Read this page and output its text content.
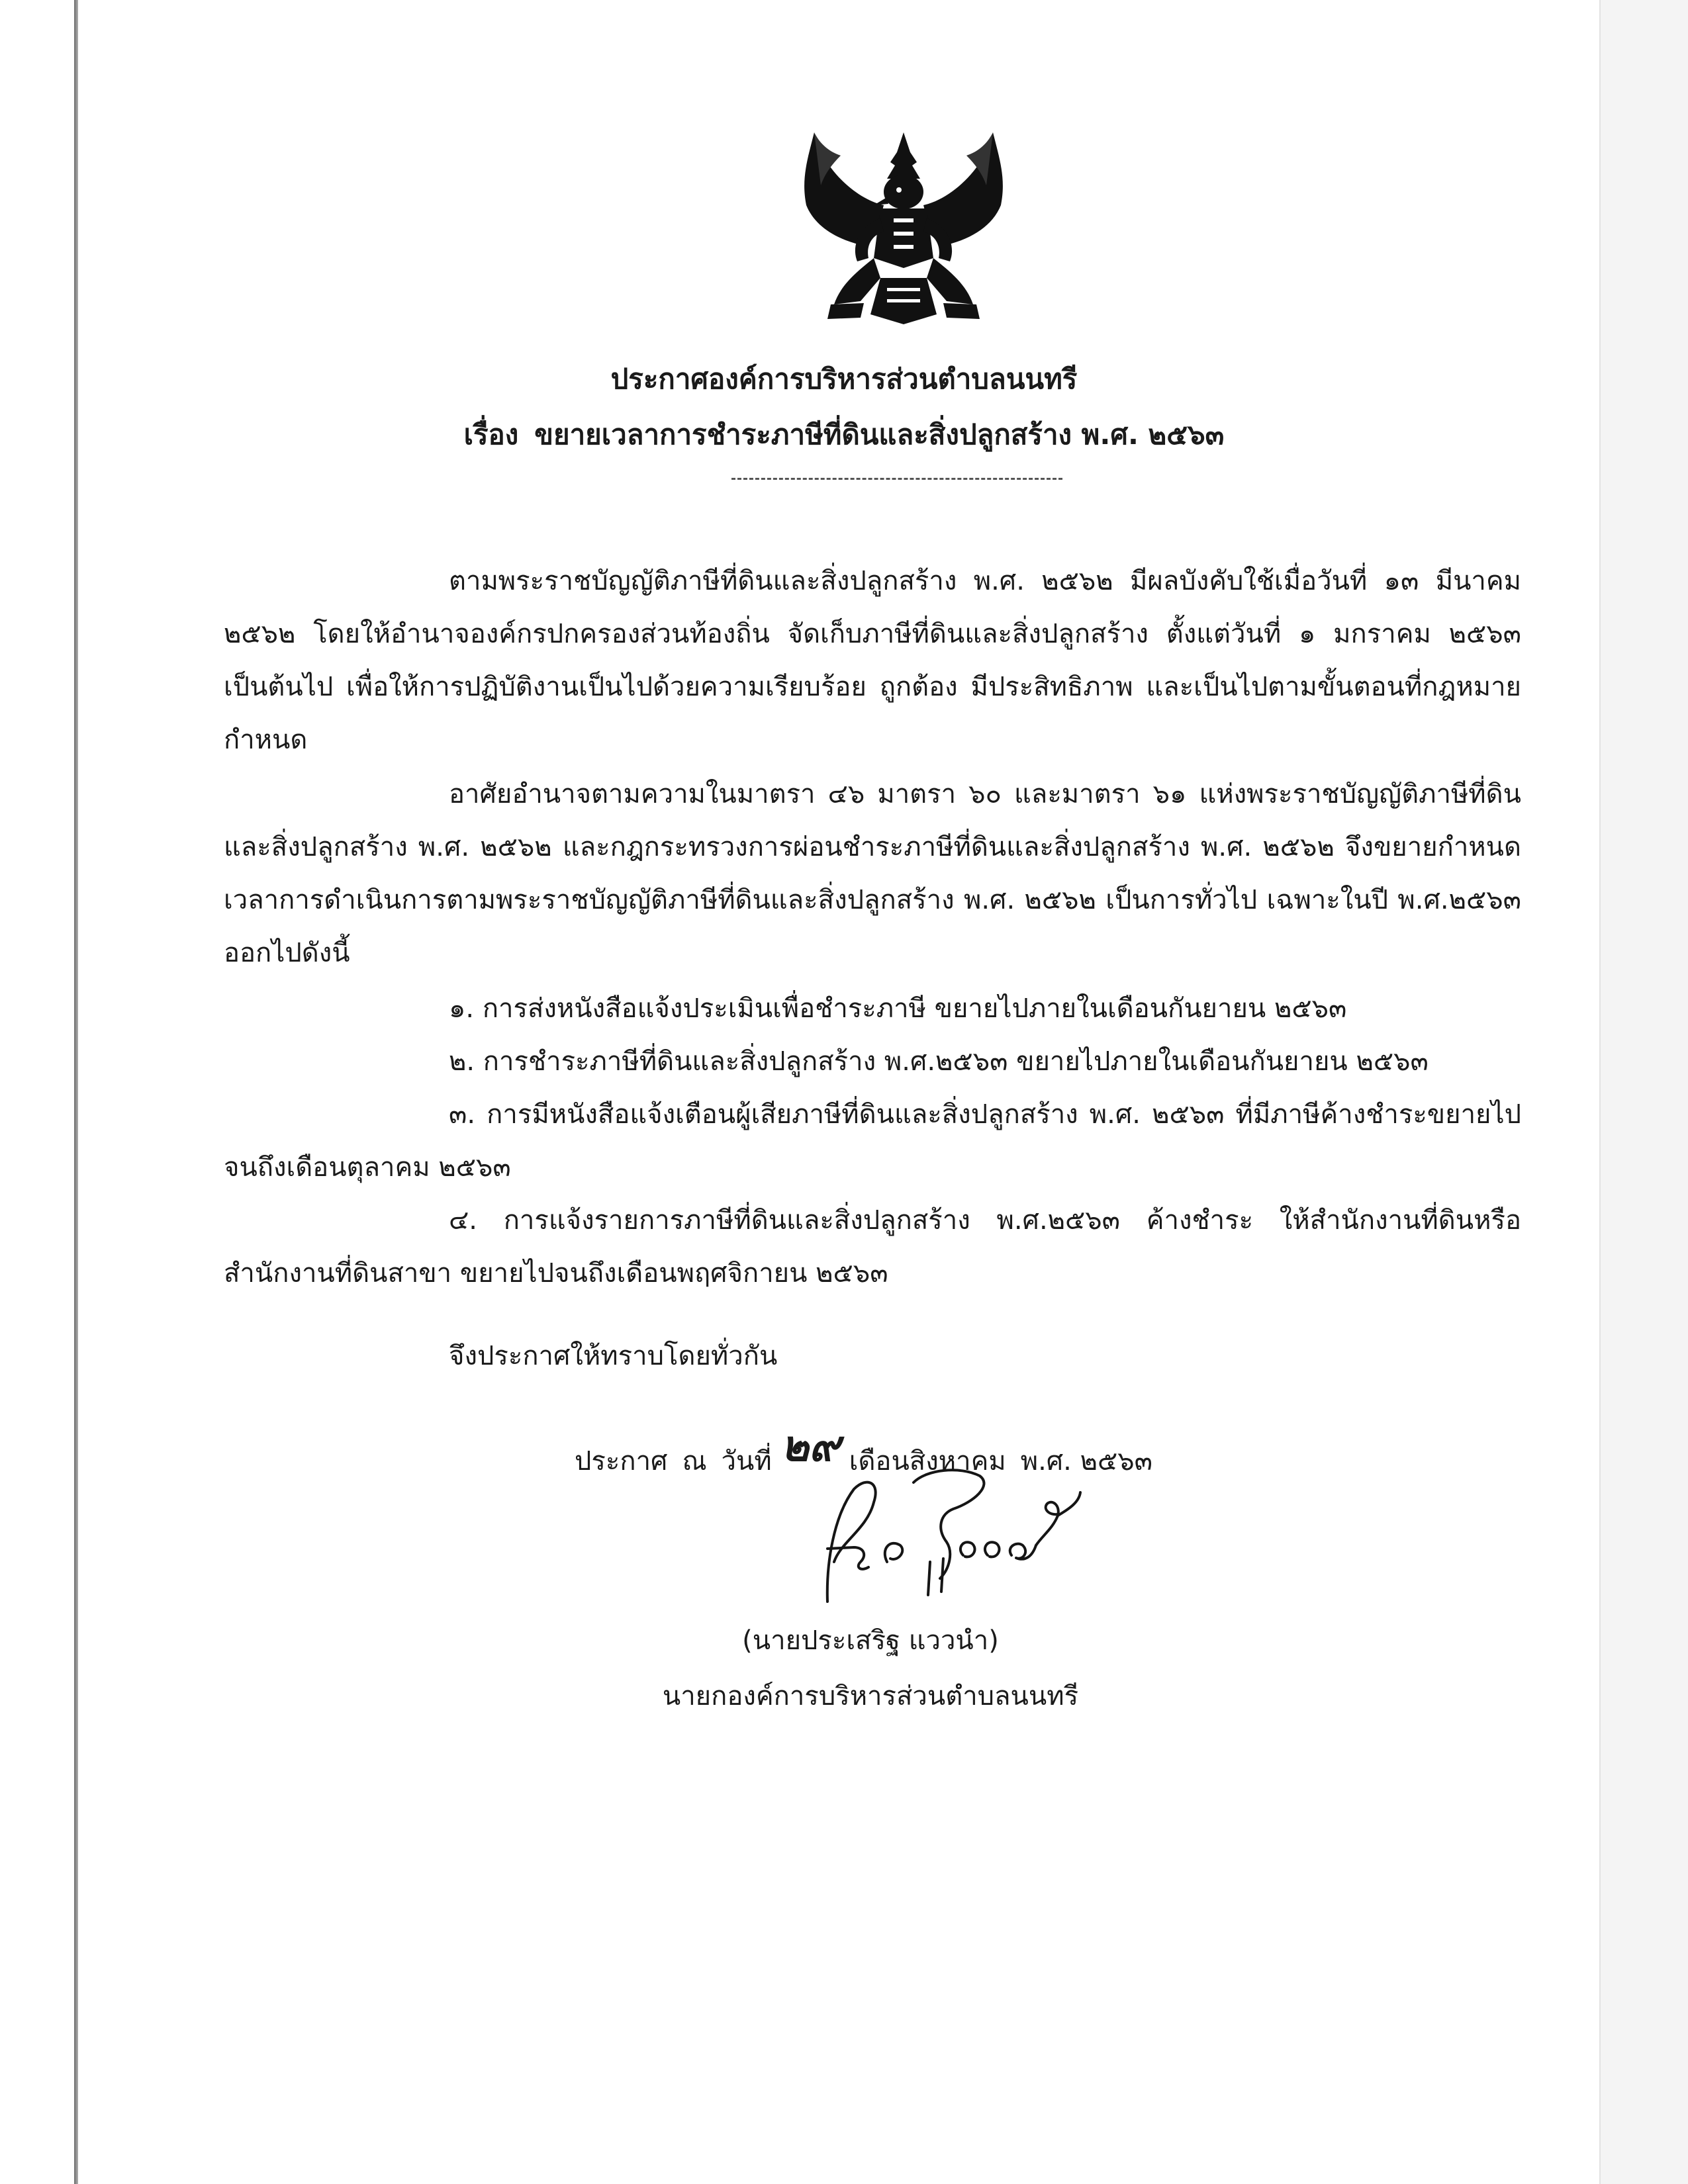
ประกาศองค์การบริหารส่วนตำบลนนทรี
เรื่อง ขยายเวลาการชำระภาษีที่ดินและสิ่งปลูกสร้าง พ.ศ. ๒๕๖๓
ตามพระราชบัญญัติภาษีที่ดินและสิ่งปลูกสร้าง พ.ศ. ๒๕๖๒ มีผลบังคับใช้เมื่อวันที่ ๑๓ มีนาคม ๒๕๖๒ โดยให้อำนาจองค์กรปกครองส่วนท้องถิ่น จัดเก็บภาษีที่ดินและสิ่งปลูกสร้าง ตั้งแต่วันที่ ๑ มกราคม ๒๕๖๓ เป็นต้นไป เพื่อให้การปฏิบัติงานเป็นไปด้วยความเรียบร้อย ถูกต้อง มีประสิทธิภาพ และเป็นไปตามขั้นตอนที่กฎหมายกำหนด
อาศัยอำนาจตามความในมาตรา ๔๖ มาตรา ๖๐ และมาตรา ๖๑ แห่งพระราชบัญญัติภาษีที่ดินและสิ่งปลูกสร้าง พ.ศ. ๒๕๖๒ และกฎกระทรวงการผ่อนชำระภาษีที่ดินและสิ่งปลูกสร้าง พ.ศ. ๒๕๖๒ จึงขยายกำหนดเวลาการดำเนินการตามพระราชบัญญัติภาษีที่ดินและสิ่งปลูกสร้าง พ.ศ. ๒๕๖๒ เป็นการทั่วไป เฉพาะในปี พ.ศ.๒๕๖๓ ออกไปดังนี้
๑. การส่งหนังสือแจ้งประเมินเพื่อชำระภาษี ขยายไปภายในเดือนกันยายน ๒๕๖๓
๒. การชำระภาษีที่ดินและสิ่งปลูกสร้าง พ.ศ.๒๕๖๓ ขยายไปภายในเดือนกันยายน ๒๕๖๓
๓. การมีหนังสือแจ้งเตือนผู้เสียภาษีที่ดินและสิ่งปลูกสร้าง พ.ศ. ๒๕๖๓ ที่มีภาษีค้างชำระขยายไปจนถึงเดือนตุลาคม ๒๕๖๓
๔. การแจ้งรายการภาษีที่ดินและสิ่งปลูกสร้าง พ.ศ.๒๕๖๓ ค้างชำระ ให้สำนักงานที่ดินหรือสำนักงานที่ดินสาขา ขยายไปจนถึงเดือนพฤศจิกายน ๒๕๖๓
จึงประกาศให้ทราบโดยทั่วกัน
ประกาศ ณ วันที่ ๒๙ เดือนสิงหาคม พ.ศ. ๒๕๖๓
(นายประเสริฐ แววนำ)
นายกองค์การบริหารส่วนตำบลนนทรี
